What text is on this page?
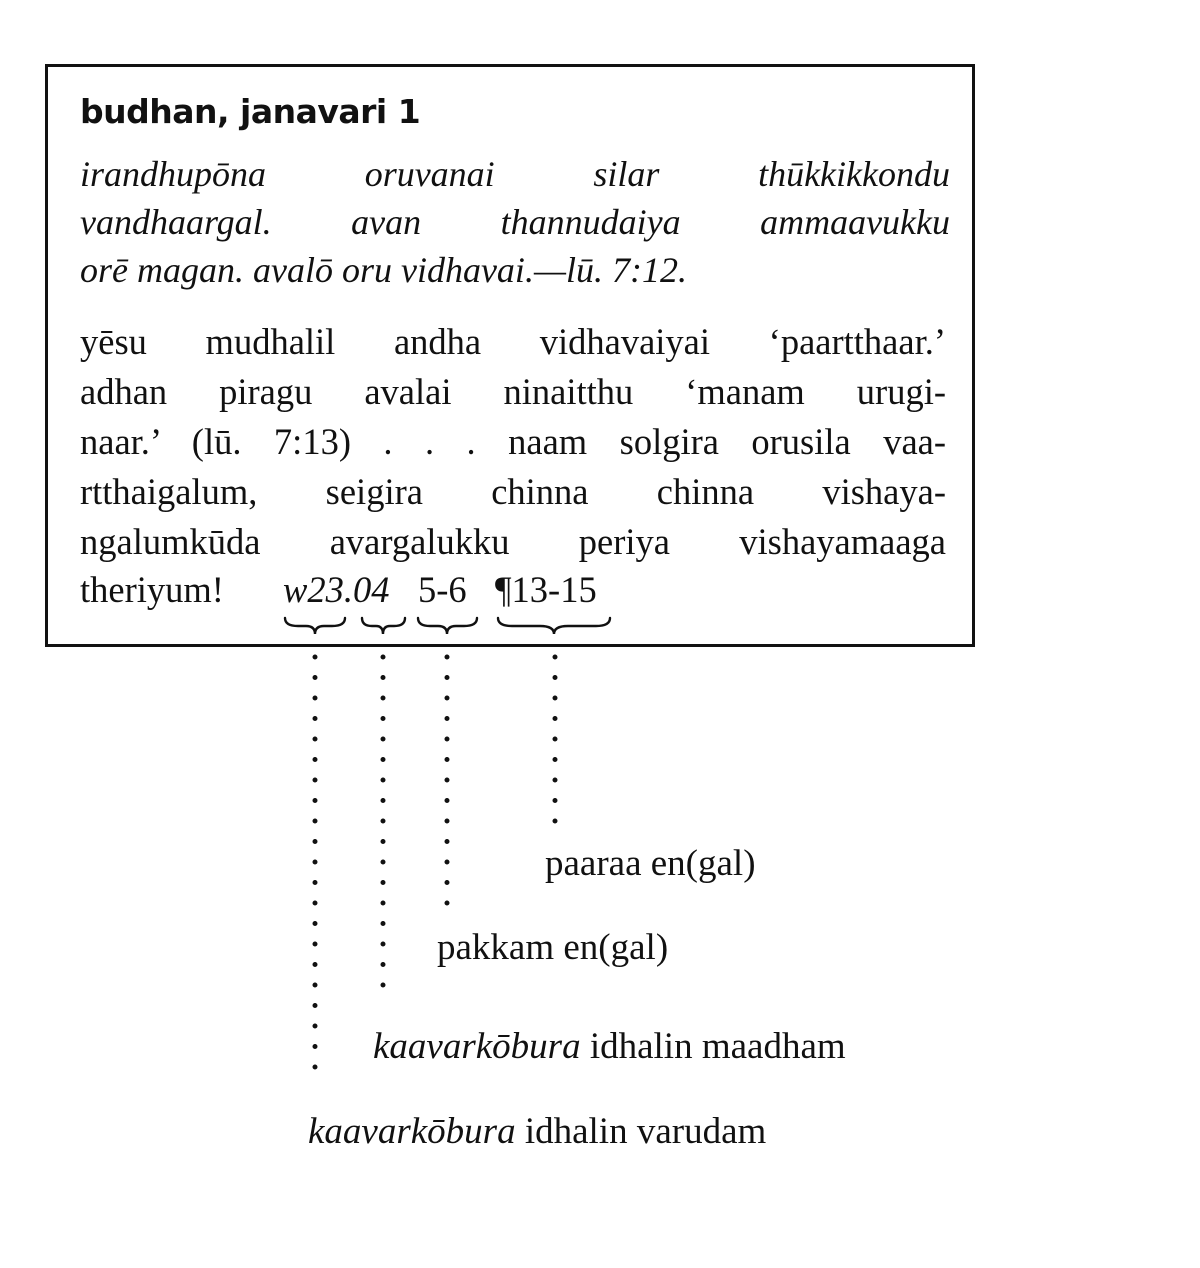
budhan, janavari 1
irandhupōna oruvanai silar thūkkikkondu
vandhaargal. avan thannudaiya ammaavukku
orē magan. avalō oru vidhavai.—lū. 7:12.
yēsu mudhalil andha vidhavaiyai ‘paartthaar.’
adhan piragu avalai ninaitthu ‘manam urugi-
naar.’ (lū. 7:13) . . . naam solgira orusila vaa-
rtthaigalum, seigira chinna chinna vishaya-
ngalumkūda avargalukku periya vishayamaaga
theriyum! w23.04 5-6 ¶13-15
paaraa en(gal)
pakkam en(gal)
kaavarkōbura idhalin maadham
kaavarkōbura idhalin varudam
